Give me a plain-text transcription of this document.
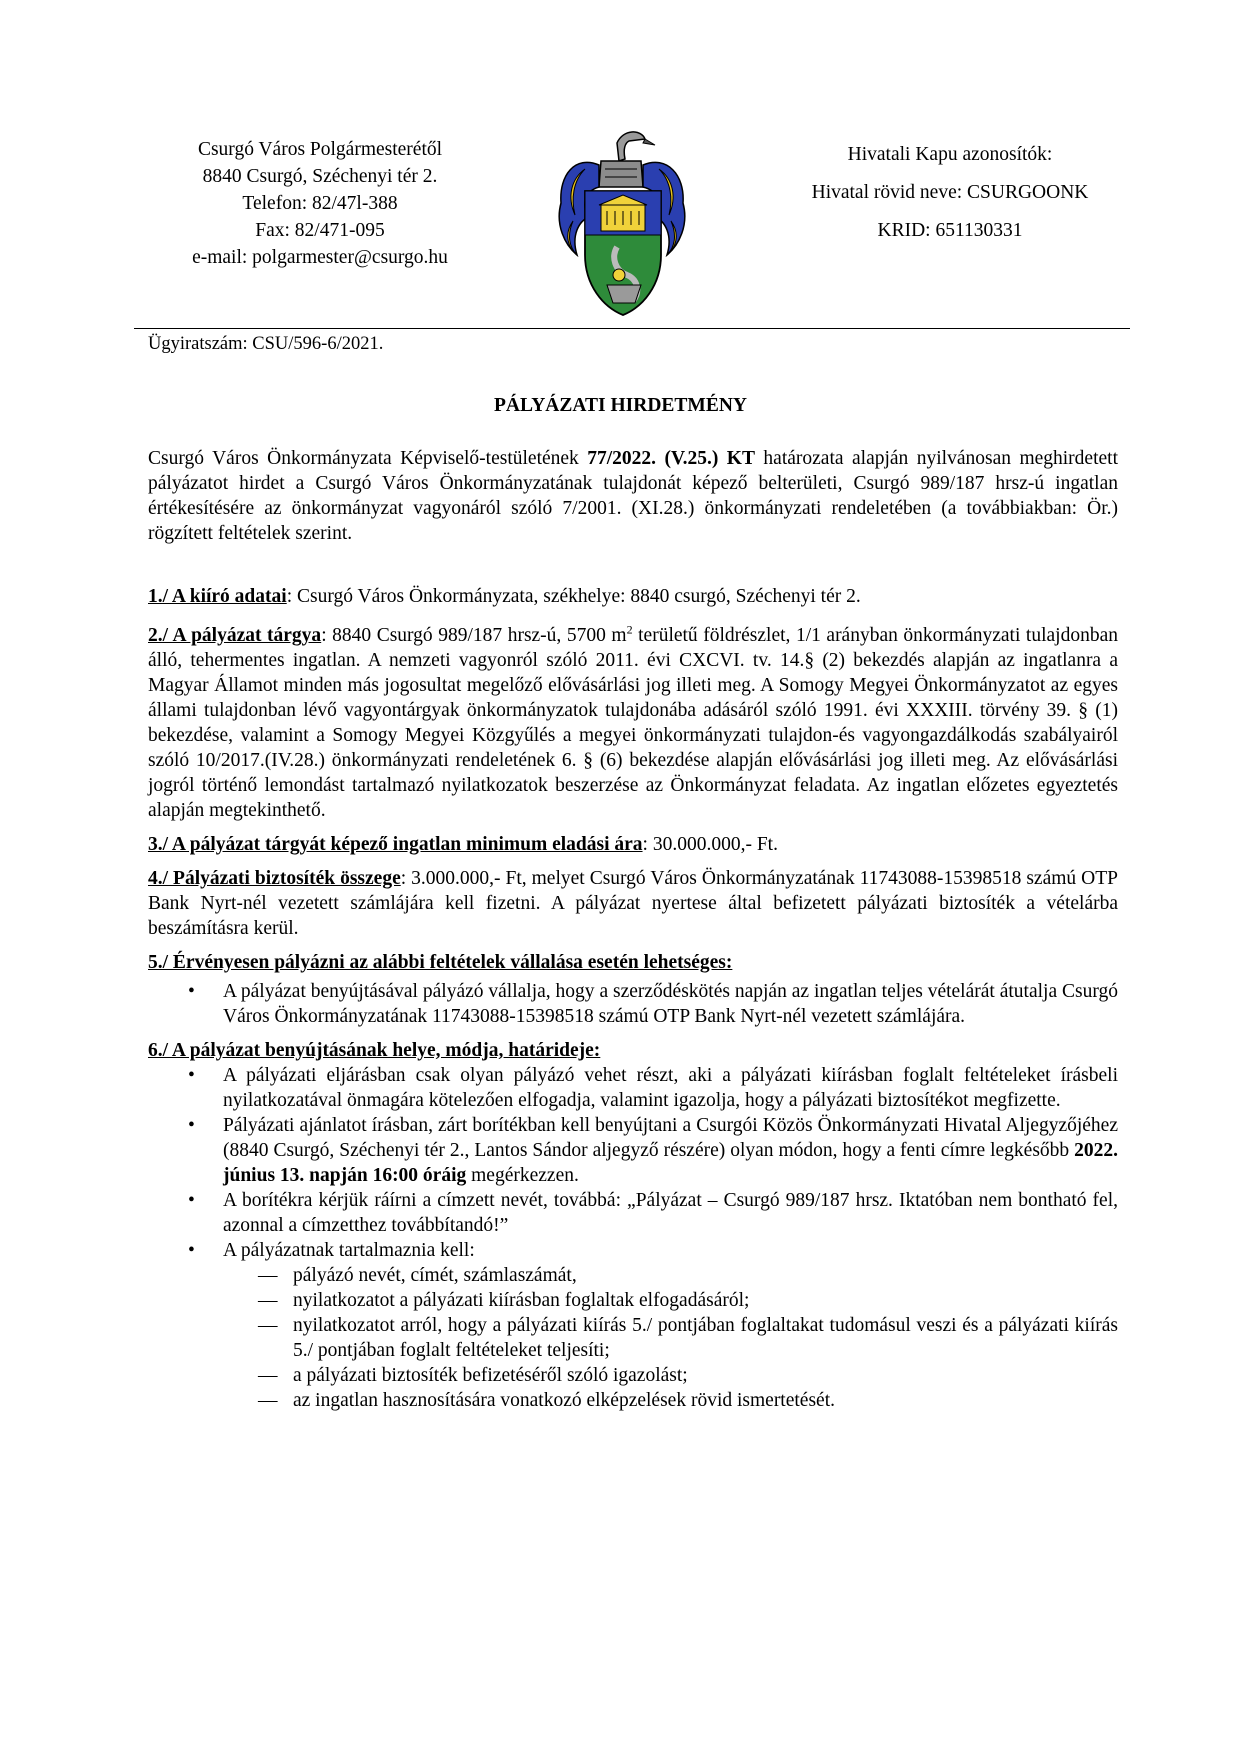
Csurgó Város Polgármesterétől
8840 Csurgó, Széchenyi tér 2.
Telefon: 82/47l-388
Fax: 82/471-095
e-mail: polgarmester@csurgo.hu
Hivatali Kapu azonosítók:
Hivatal rövid neve: CSURGOONK
KRID: 651130331
Ügyiratszám: CSU/596-6/2021.
PÁLYÁZATI HIRDETMÉNY

Csurgó Város Önkormányzata Képviselő-testületének 77/2022. (V.25.) KT határozata alapján nyilvánosan meghirdetett pályázatot hirdet a Csurgó Város Önkormányzatának tulajdonát képező belterületi, Csurgó 989/187 hrsz-ú ingatlan értékesítésére az önkormányzat vagyonáról szóló 7/2001. (XI.28.) önkormányzati rendeletében (a továbbiakban: Ör.) rögzített feltételek szerint.

1./ A kiíró adatai: Csurgó Város Önkormányzata, székhelye: 8840 csurgó, Széchenyi tér 2.

2./ A pályázat tárgya: 8840 Csurgó 989/187 hrsz-ú, 5700 $m^2$ területű földrészlet, 1/1 arányban önkormányzati tulajdonban álló, tehermentes ingatlan. A nemzeti vagyonról szóló 2011. évi CXCVI. tv. 14.§ (2) bekezdés alapján az ingatlanra a Magyar Államot minden más jogosultat megelőző elővásárlási jog illeti meg. A Somogy Megyei Önkormányzatot az egyes állami tulajdonban lévő vagyontárgyak önkormányzatok tulajdonába adásáról szóló 1991. évi XXXIII. törvény 39. § (1) bekezdése, valamint a Somogy Megyei Közgyűlés a megyei önkormányzati tulajdon-és vagyongazdálkodás szabályairól szóló 10/2017.(IV.28.) önkormányzati rendeletének 6. § (6) bekezdése alapján elővásárlási jog illeti meg. Az elővásárlási jogról történő lemondást tartalmazó nyilatkozatok beszerzése az Önkormányzat feladata. Az ingatlan előzetes egyeztetés alapján megtekinthető.

3./ A pályázat tárgyát képező ingatlan minimum eladási ára: 30.000.000,- Ft.

4./ Pályázati biztosíték összege: 3.000.000,- Ft, melyet Csurgó Város Önkormányzatának 11743088-15398518 számú OTP Bank Nyrt-nél vezetett számlájára kell fizetni. A pályázat nyertese által befizetett pályázati biztosíték a vételárba beszámításra kerül.

5./ Érvényesen pályázni az alábbi feltételek vállalása esetén lehetséges:

• A pályázat benyújtásával pályázó vállalja, hogy a szerződéskötés napján az ingatlan teljes vételárát átutalja Csurgó Város Önkormányzatának 11743088-15398518 számú OTP Bank Nyrt-nél vezetett számlájára.

6./ A pályázat benyújtásának helye, módja, határideje:

• A pályázati eljárásban csak olyan pályázó vehet részt, aki a pályázati kiírásban foglalt feltételeket írásbeli nyilatkozatával önmagára kötelezően elfogadja, valamint igazolja, hogy a pályázati biztosítékot megfizette.
• Pályázati ajánlatot írásban, zárt borítékban kell benyújtani a Csurgói Közös Önkormányzati Hivatal Aljegyzőjéhez (8840 Csurgó, Széchenyi tér 2., Lantos Sándor aljegyző részére) olyan módon, hogy a fenti címre legkésőbb 2022. június 13. napján 16:00 óráig megérkezzen.
• A borítékra kérjük ráírni a címzett nevét, továbbá: „Pályázat – Csurgó 989/187 hrsz. Iktatóban nem bontható fel, azonnal a címzetthez továbbítandó!”
• A pályázatnak tartalmaznia kell:
— pályázó nevét, címét, számlaszámát,
— nyilatkozatot a pályázati kiírásban foglaltak elfogadásáról;
— nyilatkozatot arról, hogy a pályázati kiírás 5./ pontjában foglaltakat tudomásul veszi és a pályázati kiírás 5./ pontjában foglalt feltételeket teljesíti;
— a pályázati biztosíték befizetéséről szóló igazolást;
— az ingatlan hasznosítására vonatkozó elképzelések rövid ismertetését.
